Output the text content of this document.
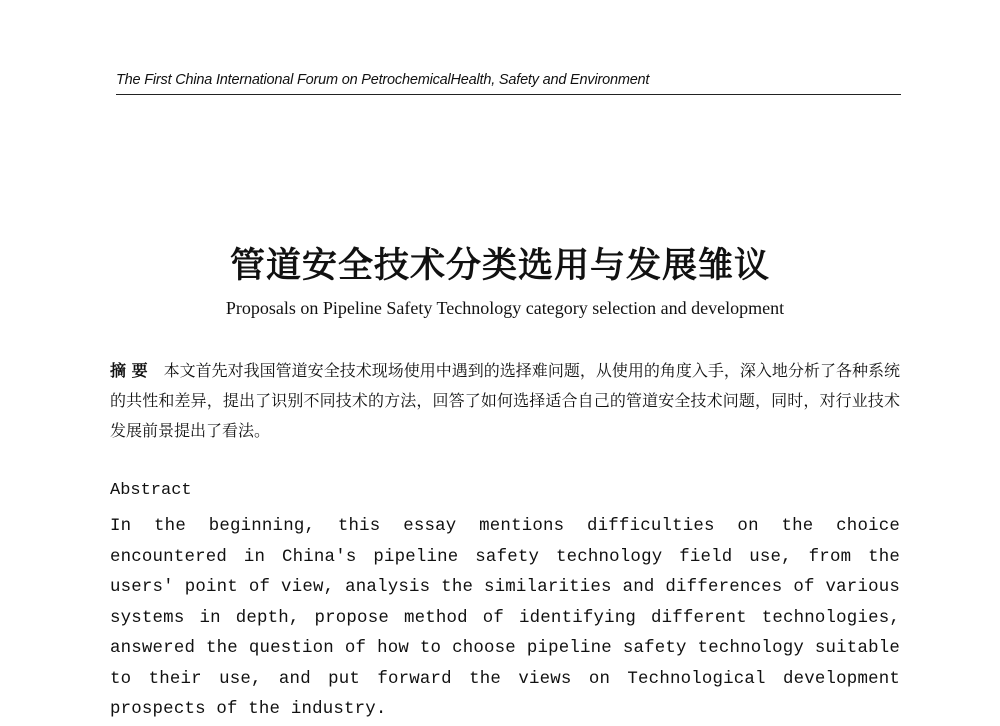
The First China International Forum on PetrochemicalHealth, Safety and Environment
管道安全技术分类选用与发展雏议
Proposals on Pipeline Safety Technology category selection and development
摘 要 本文首先对我国管道安全技术现场使用中遇到的选择难问题，从使用的角度入手，深入地分析了各种系统的共性和差异，提出了识别不同技术的方法，回答了如何选择适合自己的管道安全技术问题，同时，对行业技术发展前景提出了看法。
Abstract
In the beginning, this essay mentions difficulties on the choice encountered in China's pipeline safety technology field use, from the users' point of view, analysis the similarities and differences of various systems in depth, propose method of identifying different technologies, answered the question of how to choose pipeline safety technology suitable to their use, and put forward the views on Technological development prospects of the industry.
